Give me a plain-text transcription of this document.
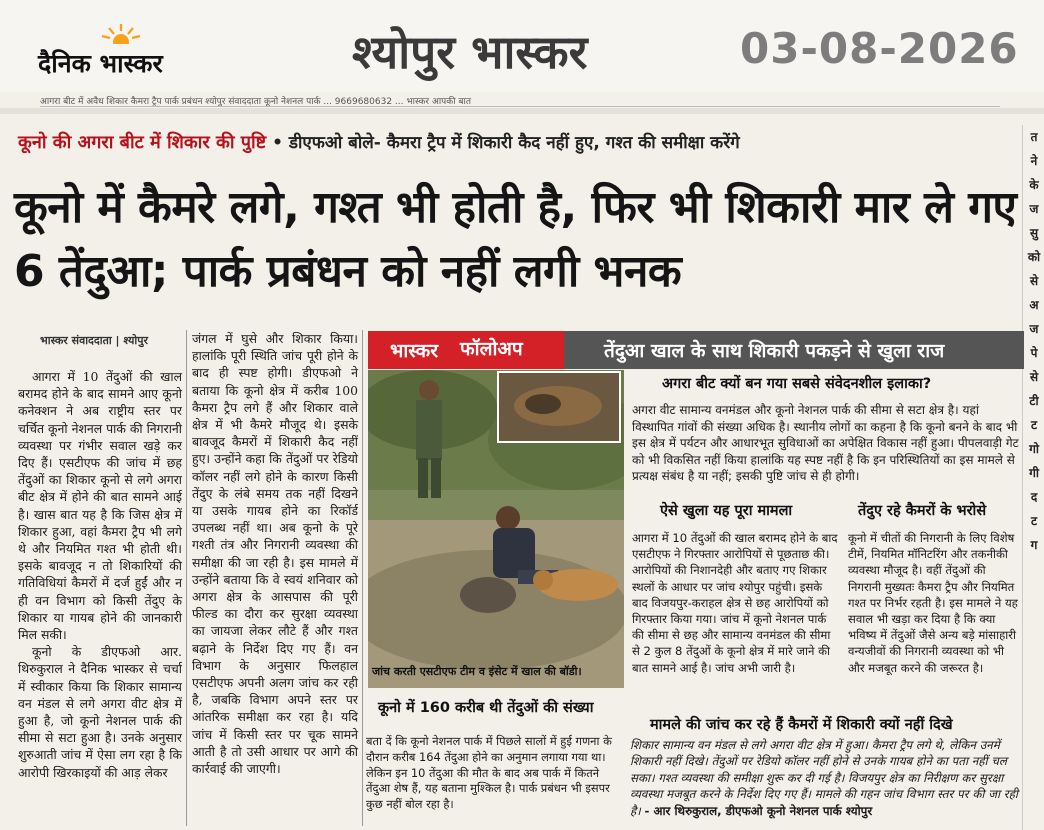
दैनिक भास्कर	श्योपुर भास्कर	03-08-2026
आगरा बीट में अवैध शिकार कैमरा ट्रैप पार्क प्रबंधन श्योपुर संवाददाता कूनो नेशनल पार्क ... 9669680632 ... भास्कर आपकी बात
त
ने
के
ज
सु
को
से
अ
ज
पे
से
टी
ट
गो
गी
द
ट
ग
कूनो की अगरा बीट में शिकार की पुष्टि • डीएफओ बोले- कैमरा ट्रैप में शिकारी कैद नहीं हुए, गश्त की समीक्षा करेंगे
कूनो में कैमरे लगे, गश्त भी होती है, फिर भी शिकारी मार ले गए 6 तेंदुआ; पार्क प्रबंधन को नहीं लगी भनक
भास्कर संवाददाता | श्योपुर

आगरा में 10 तेंदुओं की खाल बरामद होने के बाद सामने आए कूनो कनेक्शन ने अब राष्ट्रीय स्तर पर चर्चित कूनो नेशनल पार्क की निगरानी व्यवस्था पर गंभीर सवाल खड़े कर दिए हैं। एसटीएफ की जांच में छह तेंदुओं का शिकार कूनो से लगे अगरा बीट क्षेत्र में होने की बात सामने आई है। खास बात यह है कि जिस क्षेत्र में शिकार हुआ, वहां कैमरा ट्रैप भी लगे थे और नियमित गश्त भी होती थी। इसके बावजूद न तो शिकारियों की गतिविधियां कैमरों में दर्ज हुईं और न ही वन विभाग को किसी तेंदुए के शिकार या गायब होने की जानकारी मिल सकी।

कूनो के डीएफओ आर. थिरुकुराल ने दैनिक भास्कर से चर्चा में स्वीकार किया कि शिकार सामान्य वन मंडल से लगे अगरा वीट क्षेत्र में हुआ है, जो कूनो नेशनल पार्क की सीमा से सटा हुआ है। उनके अनुसार शुरुआती जांच में ऐसा लग रहा है कि आरोपी खिरकाइयों की आड़ लेकर

जंगल में घुसे और शिकार किया। हालांकि पूरी स्थिति जांच पूरी होने के बाद ही स्पष्ट होगी। डीएफओ ने बताया कि कूनो क्षेत्र में करीब 100 कैमरा ट्रैप लगे हैं और शिकार वाले क्षेत्र में भी कैमरे मौजूद थे। इसके बावजूद कैमरों में शिकारी कैद नहीं हुए। उन्होंने कहा कि तेंदुओं पर रेडियो कॉलर नहीं लगे होने के कारण किसी तेंदुए के लंबे समय तक नहीं दिखने या उसके गायब होने का रिकॉर्ड उपलब्ध नहीं था। अब कूनो के पूरे गश्ती तंत्र और निगरानी व्यवस्था की समीक्षा की जा रही है। इस मामले में उन्होंने बताया कि वे स्वयं शनिवार को अगरा क्षेत्र के आसपास की पूरी फील्ड का दौरा कर सुरक्षा व्यवस्था का जायजा लेकर लौटे हैं और गश्त बढ़ाने के निर्देश दिए गए हैं। वन विभाग के अनुसार फिलहाल एसटीएफ अपनी अलग जांच कर रही है, जबकि विभाग अपने स्तर पर आंतरिक समीक्षा कर रहा है। यदि जांच में किसी स्तर पर चूक सामने आती है तो उसी आधार पर आगे की कार्रवाई की जाएगी।

भास्कर फॉलोअप	तेंदुआ खाल के साथ शिकारी पकड़ने से खुला राज
जांच करती एसटीएफ टीम व इंसेट में खाल की बॉडी।
अगरा बीट क्यों बन गया सबसे संवेदनशील इलाका?

अगरा वीट सामान्य वनमंडल और कूनो नेशनल पार्क की सीमा से सटा क्षेत्र है। यहां विस्थापित गांवों की संख्या अधिक है। स्थानीय लोगों का कहना है कि कूनो बनने के बाद भी इस क्षेत्र में पर्यटन और आधारभूत सुविधाओं का अपेक्षित विकास नहीं हुआ। पीपलवाड़ी गेट को भी विकसित नहीं किया हालांकि यह स्पष्ट नहीं है कि इन परिस्थितियों का इस मामले से प्रत्यक्ष संबंध है या नहीं; इसकी पुष्टि जांच से ही होगी।

ऐसे खुला यह पूरा मामला

आगरा में 10 तेंदुओं की खाल बरामद होने के बाद एसटीएफ ने गिरफ्तार आरोपियों से पूछताछ की। आरोपियों की निशानदेही और बताए गए शिकार स्थलों के आधार पर जांच श्योपुर पहुंची। इसके बाद विजयपुर-कराहल क्षेत्र से छह आरोपियों को गिरफ्तार किया गया। जांच में कूनो नेशनल पार्क की सीमा से छह और सामान्य वनमंडल की सीमा से 2 कुल 8 तेंदुओं के कूनो क्षेत्र में मारे जाने की बात सामने आई है। जांच अभी जारी है।

तेंदुए रहे कैमरों के भरोसे

कूनो में चीतों की निगरानी के लिए विशेष टीमें, नियमित मॉनिटरिंग और तकनीकी व्यवस्था मौजूद है। वहीं तेंदुओं की निगरानी मुख्यतः कैमरा ट्रैप और नियमित गश्त पर निर्भर रहती है। इस मामले ने यह सवाल भी खड़ा कर दिया है कि क्या भविष्य में तेंदुओं जैसे अन्य बड़े मांसाहारी वन्यजीवों की निगरानी व्यवस्था को भी और मजबूत करने की जरूरत है।

कूनो में 160 करीब थी तेंदुओं की संख्या

बता दें कि कूनो नेशनल पार्क में पिछले सालों में हुई गणना के दौरान करीब 164 तेंदुआ होने का अनुमान लगाया गया था। लेकिन इन 10 तेंदुआ की मौत के बाद अब पार्क में कितने तेंदुआ शेष हैं, यह बताना मुश्किल है। पार्क प्रबंधन भी इसपर कुछ नहीं बोल रहा है।

मामले की जांच कर रहे हैं कैमरों में शिकारी क्यों नहीं दिखे
शिकार सामान्य वन मंडल से लगे अगरा वीट क्षेत्र में हुआ। कैमरा ट्रैप लगे थे, लेकिन उनमें शिकारी नहीं दिखे। तेंदुओं पर रेडियो कॉलर नहीं होने से उनके गायब होने का पता नहीं चल सका। गश्त व्यवस्था की समीक्षा शुरू कर दी गई है। विजयपुर क्षेत्र का निरीक्षण कर सुरक्षा व्यवस्था मजबूत करने के निर्देश दिए गए हैं। मामले की गहन जांच विभाग स्तर पर की जा रही है। - आर थिरुकुराल, डीएफओ कूनो नेशनल पार्क श्योपुर
